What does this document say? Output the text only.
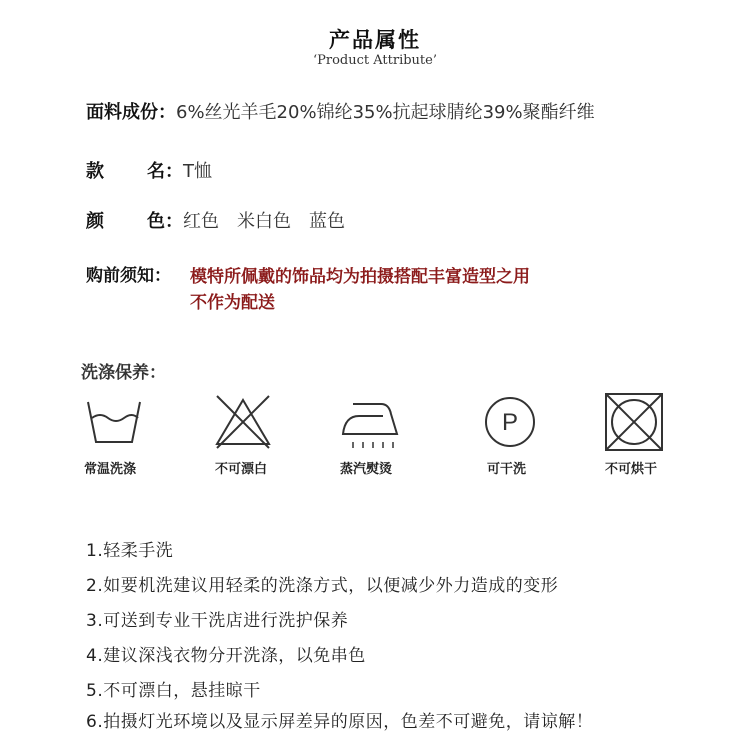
产品属性
‘Product Attribute’
面料成份：6%丝光羊毛20%锦纶35%抗起球腈纶39%聚酯纤维
款 名：T恤
颜 色：红色　米白色　蓝色
购前须知： 模特所佩戴的饰品均为拍摄搭配丰富造型之用
不作为配送
洗涤保养：
P
常温洗涤	不可漂白	蒸汽熨烫	可干洗	不可烘干
1.轻柔手洗
2.如要机洗建议用轻柔的洗涤方式，以便减少外力造成的变形
3.可送到专业干洗店进行洗护保养
4.建议深浅衣物分开洗涤，以免串色
5.不可漂白，悬挂晾干
6.拍摄灯光环境以及显示屏差异的原因，色差不可避免，请谅解！
